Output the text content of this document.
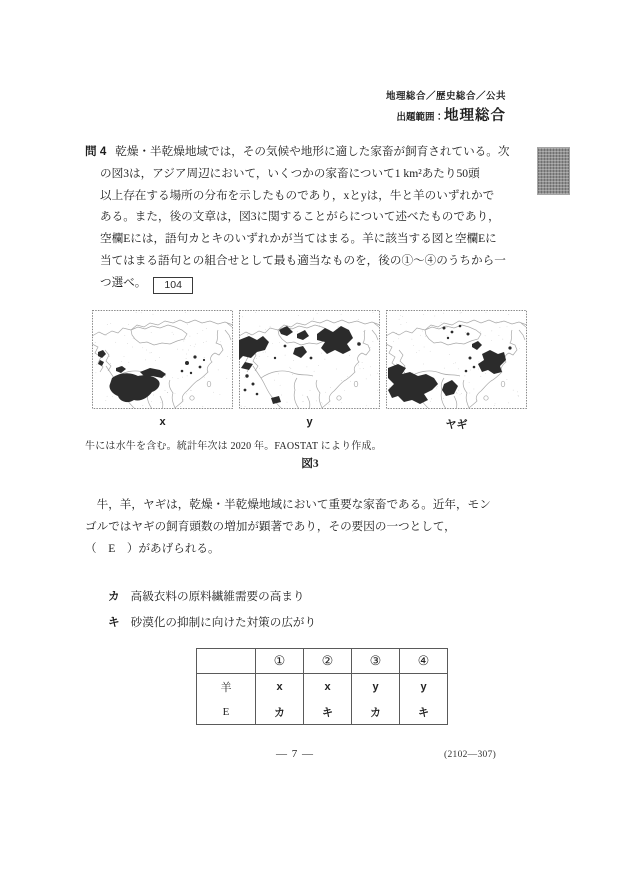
地理総合／歴史総合／公共
出題範囲：地理総合
問 4 乾燥・半乾燥地域では，その気候や地形に適した家畜が飼育されている。次
の図3は，アジア周辺において，いくつかの家畜について1 km²あたり50頭
以上存在する場所の分布を示したものであり，xとyは，牛と羊のいずれかで
ある。また，後の文章は，図3に関することがらについて述べたものであり，
空欄Eには，語句カとキのいずれかが当てはまる。羊に該当する図と空欄Eに
当てはまる語句との組合せとして最も適当なものを，後の①～④のうちから一
つ選べ。 104
x	y	ヤギ
牛には水牛を含む。統計年次は 2020 年。FAOSTAT により作成。
図3
　牛，羊，ヤギは，乾燥・半乾燥地域において重要な家畜である。近年，モン
ゴルではヤギの飼育頭数の増加が顕著であり，その要因の一つとして，
（　E　）があげられる。
カ 高級衣料の原料繊維需要の高まり
キ 砂漠化の抑制に向けた対策の広がり
	①	②	③	④
羊	x	x	y	y
E	カ	キ	カ	キ
― 7 ―	(2102―307)
